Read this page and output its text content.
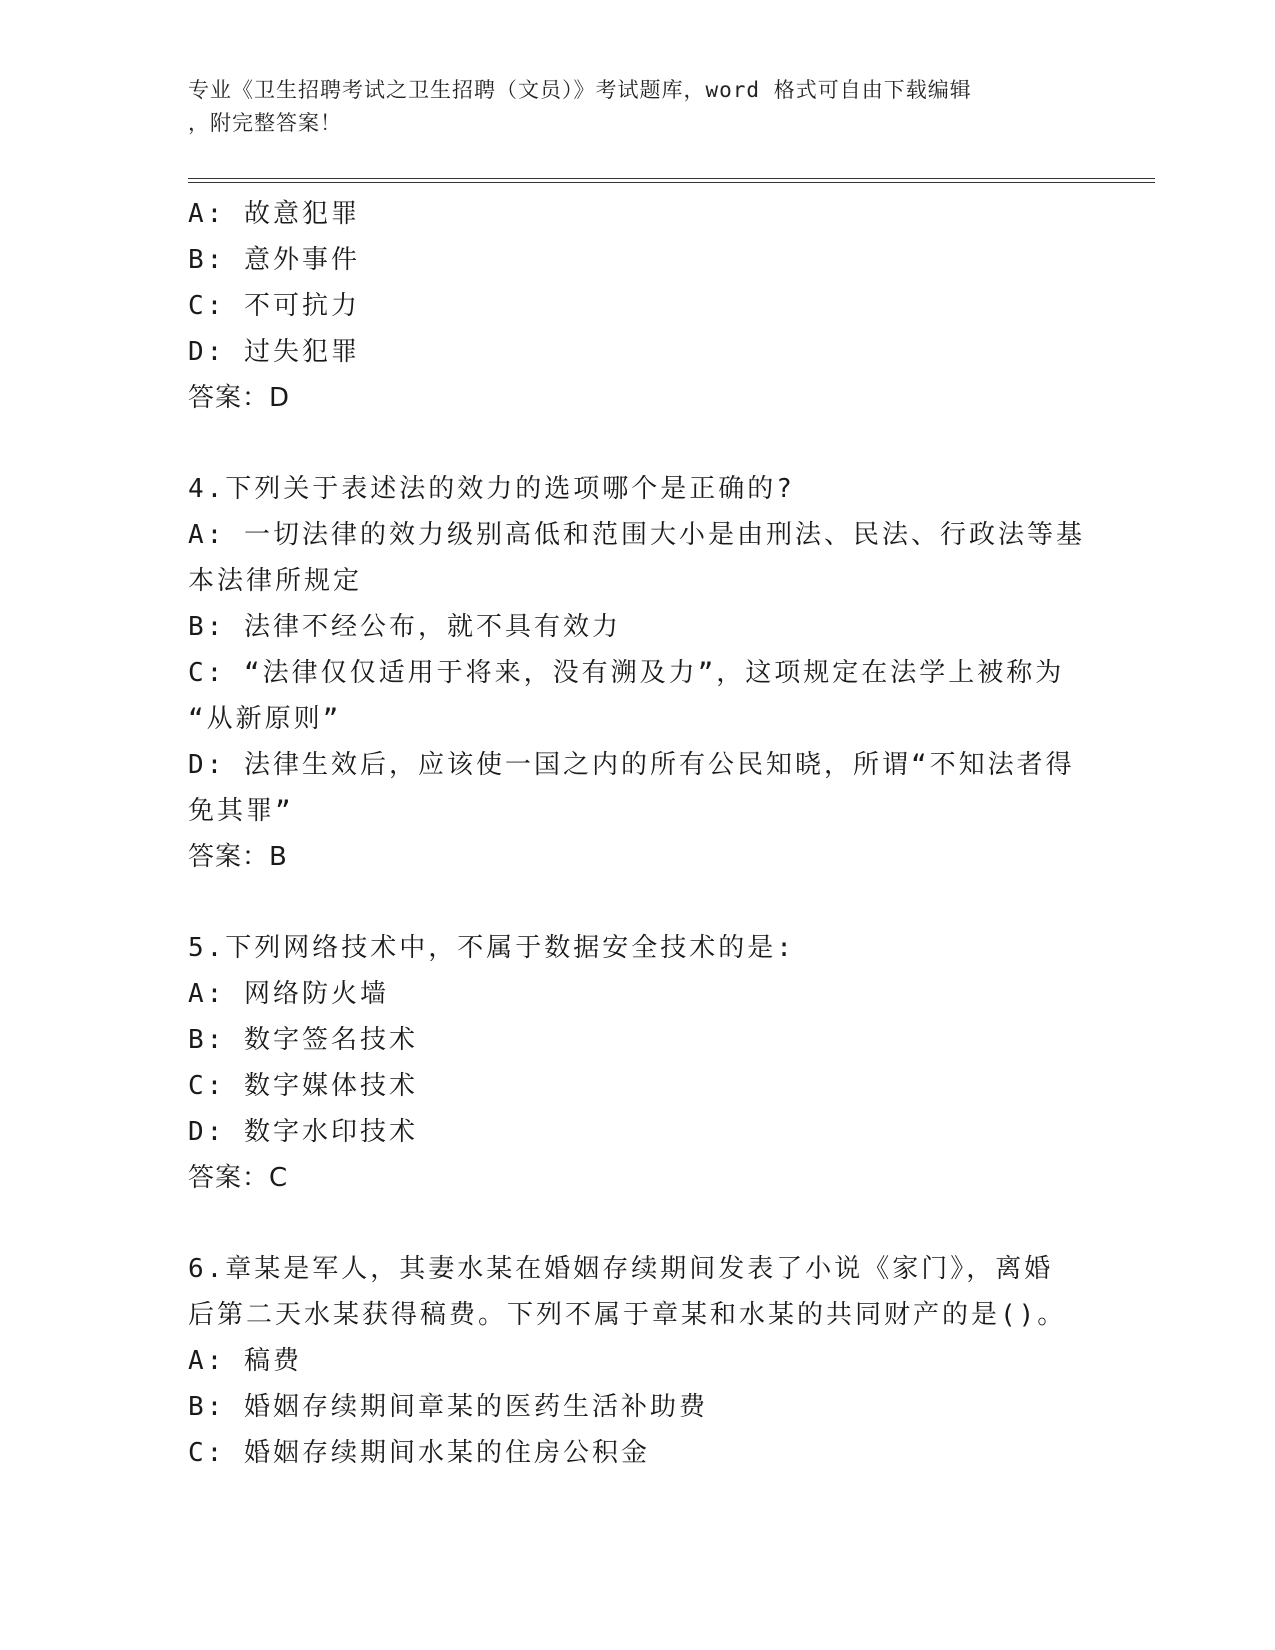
专业《卫生招聘考试之卫生招聘（文员）》考试题库，word 格式可自由下载编辑
，附完整答案！
A: 故意犯罪
B: 意外事件
C: 不可抗力
D: 过失犯罪
答案：D
4.下列关于表述法的效力的选项哪个是正确的?
A: 一切法律的效力级别高低和范围大小是由刑法、民法、行政法等基
本法律所规定
B: 法律不经公布，就不具有效力
C: “法律仅仅适用于将来，没有溯及力”，这项规定在法学上被称为
“从新原则”
D: 法律生效后，应该使一国之内的所有公民知晓，所谓“不知法者得
免其罪”
答案：B
5.下列网络技术中，不属于数据安全技术的是:
A: 网络防火墙
B: 数字签名技术
C: 数字媒体技术
D: 数字水印技术
答案：C
6.章某是军人，其妻水某在婚姻存续期间发表了小说《家门》，离婚
后第二天水某获得稿费。下列不属于章某和水某的共同财产的是()。
A: 稿费
B: 婚姻存续期间章某的医药生活补助费
C: 婚姻存续期间水某的住房公积金
